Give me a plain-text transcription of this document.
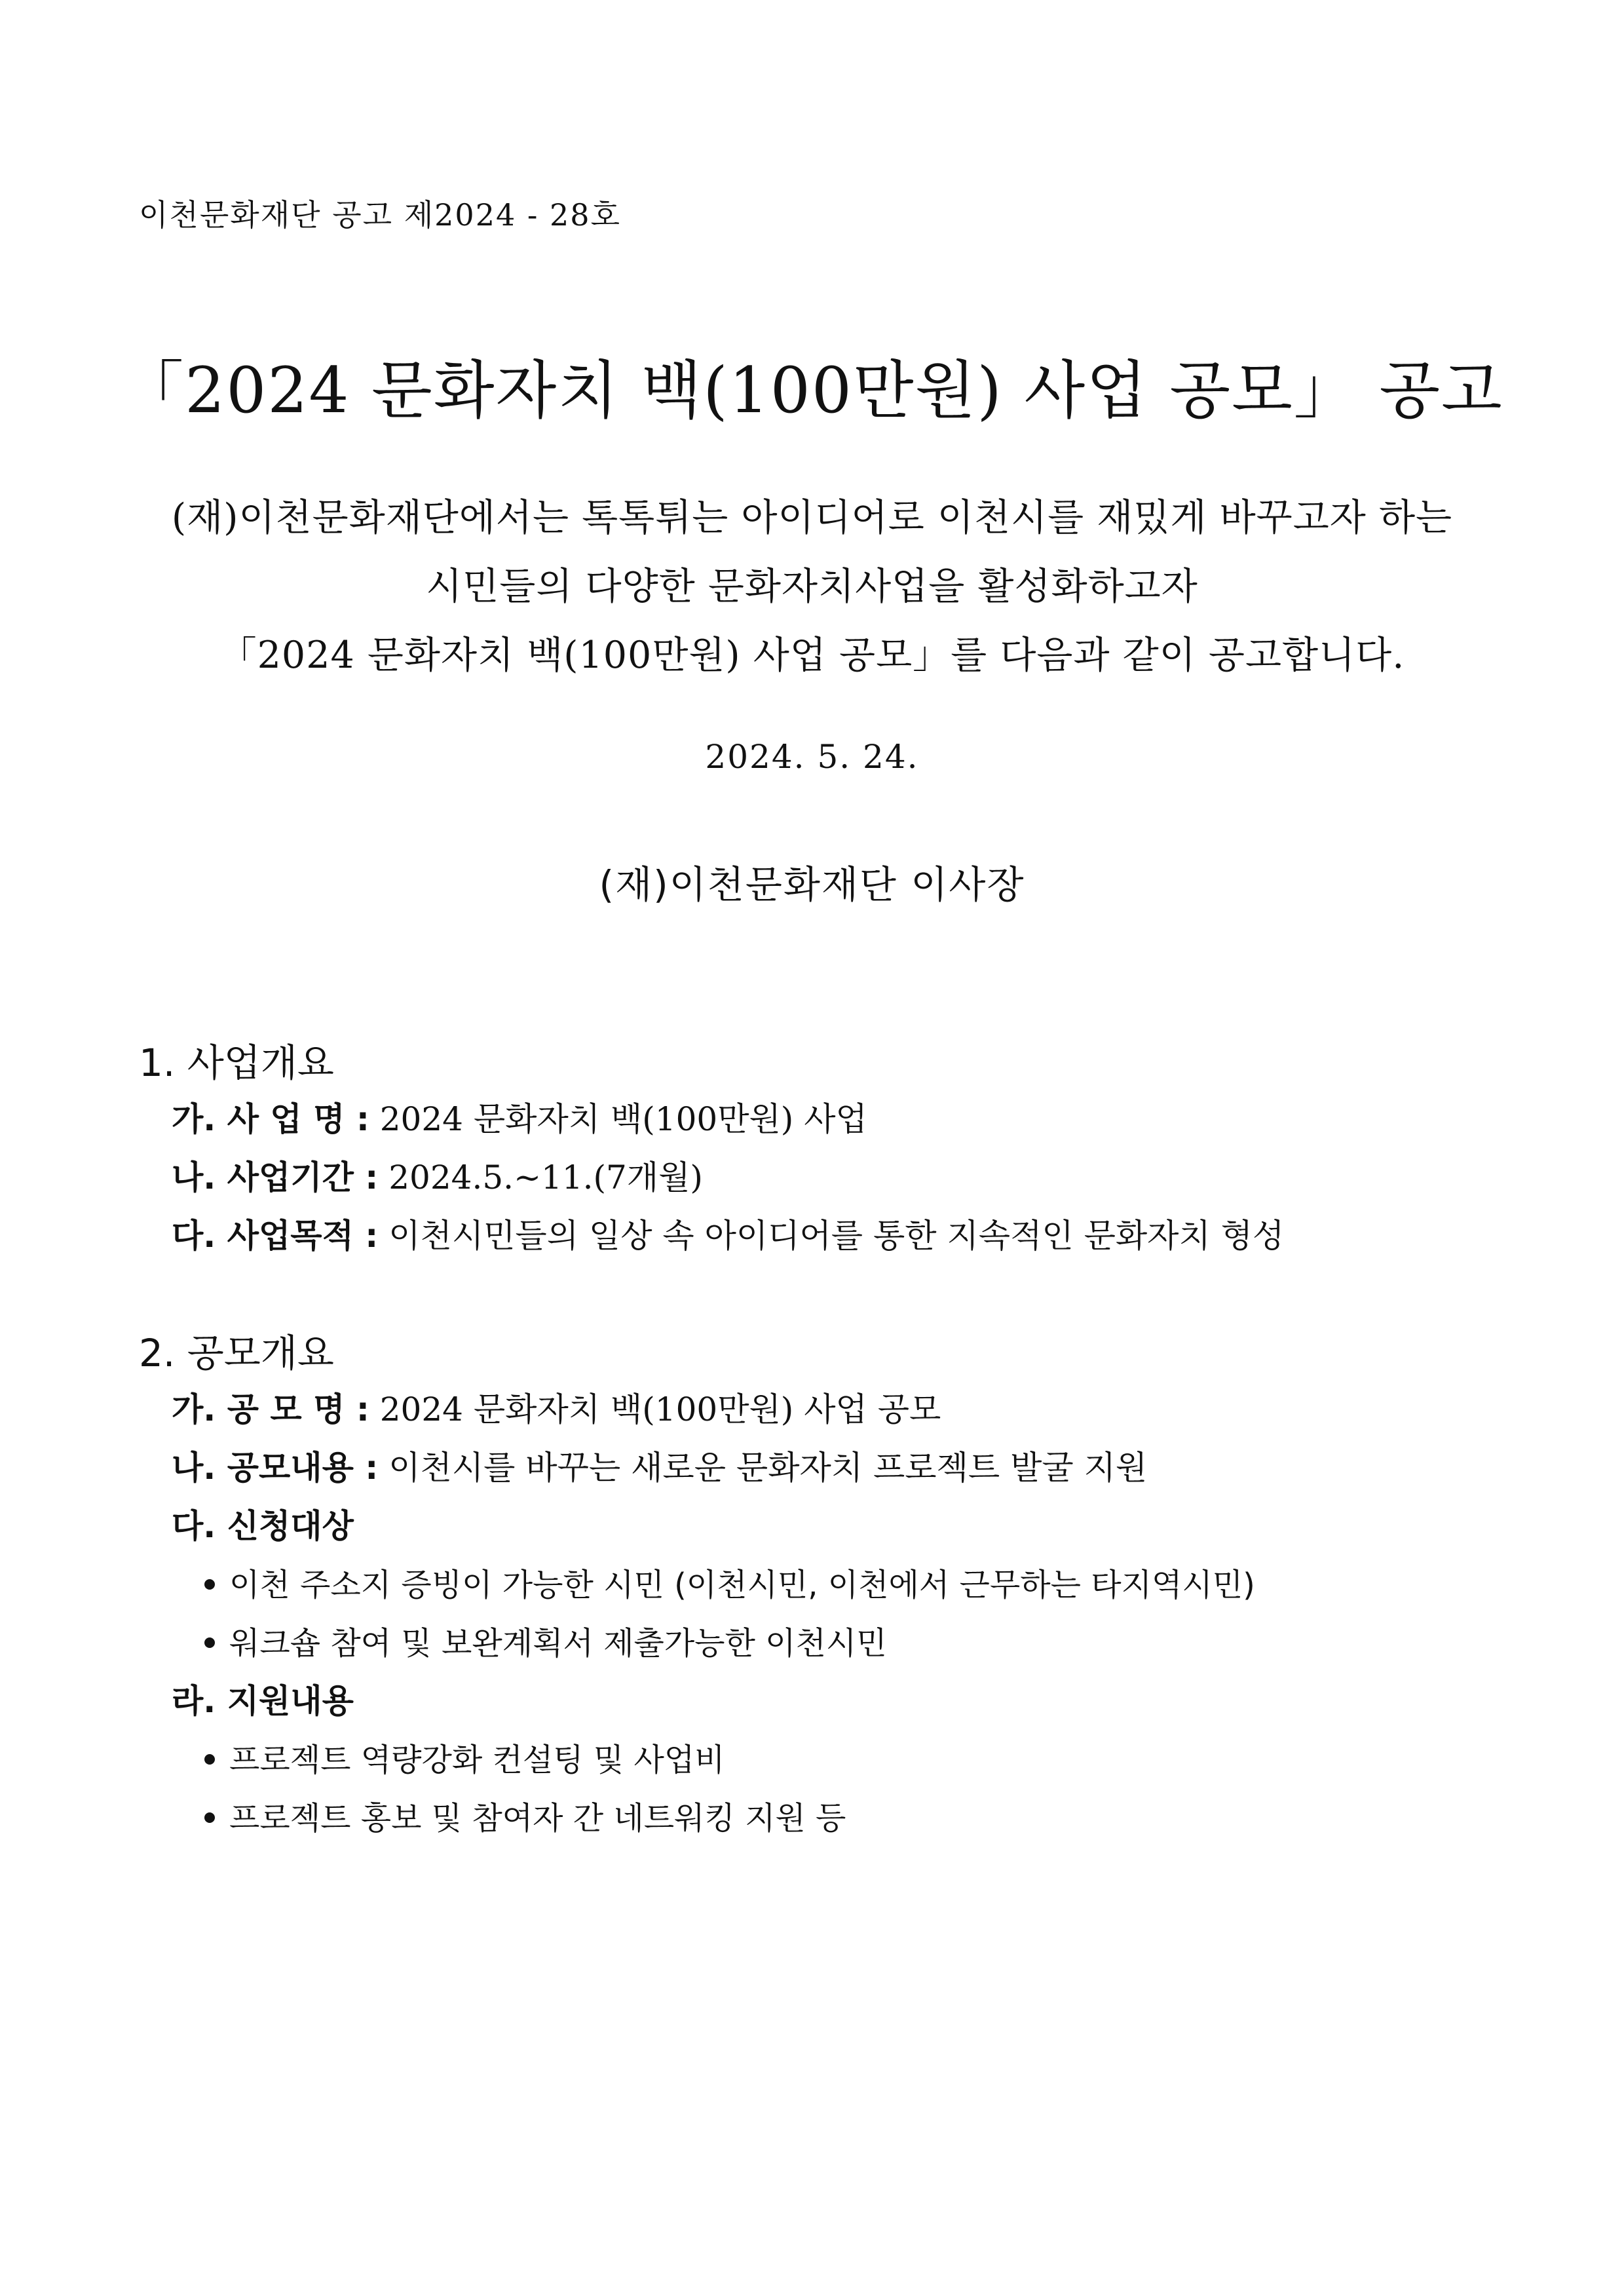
이천문화재단 공고 제2024 - 28호
「2024 문화자치 백(100만원) 사업 공모」 공고
(재)이천문화재단에서는 톡톡튀는 아이디어로 이천시를 재밌게 바꾸고자 하는
시민들의 다양한 문화자치사업을 활성화하고자
「2024 문화자치 백(100만원) 사업 공모」를 다음과 같이 공고합니다.
2024. 5. 24.
(재)이천문화재단 이사장
1. 사업개요
가. 사 업 명 : 2024 문화자치 백(100만원) 사업
나. 사업기간 : 2024.5.~11.(7개월)
다. 사업목적 : 이천시민들의 일상 속 아이디어를 통한 지속적인 문화자치 형성
2. 공모개요
가. 공 모 명 : 2024 문화자치 백(100만원) 사업 공모
나. 공모내용 : 이천시를 바꾸는 새로운 문화자치 프로젝트 발굴 지원
다. 신청대상
이천 주소지 증빙이 가능한 시민 (이천시민, 이천에서 근무하는 타지역시민)
워크숍 참여 및 보완계획서 제출가능한 이천시민
라. 지원내용
프로젝트 역량강화 컨설팅 및 사업비
프로젝트 홍보 및 참여자 간 네트워킹 지원 등
